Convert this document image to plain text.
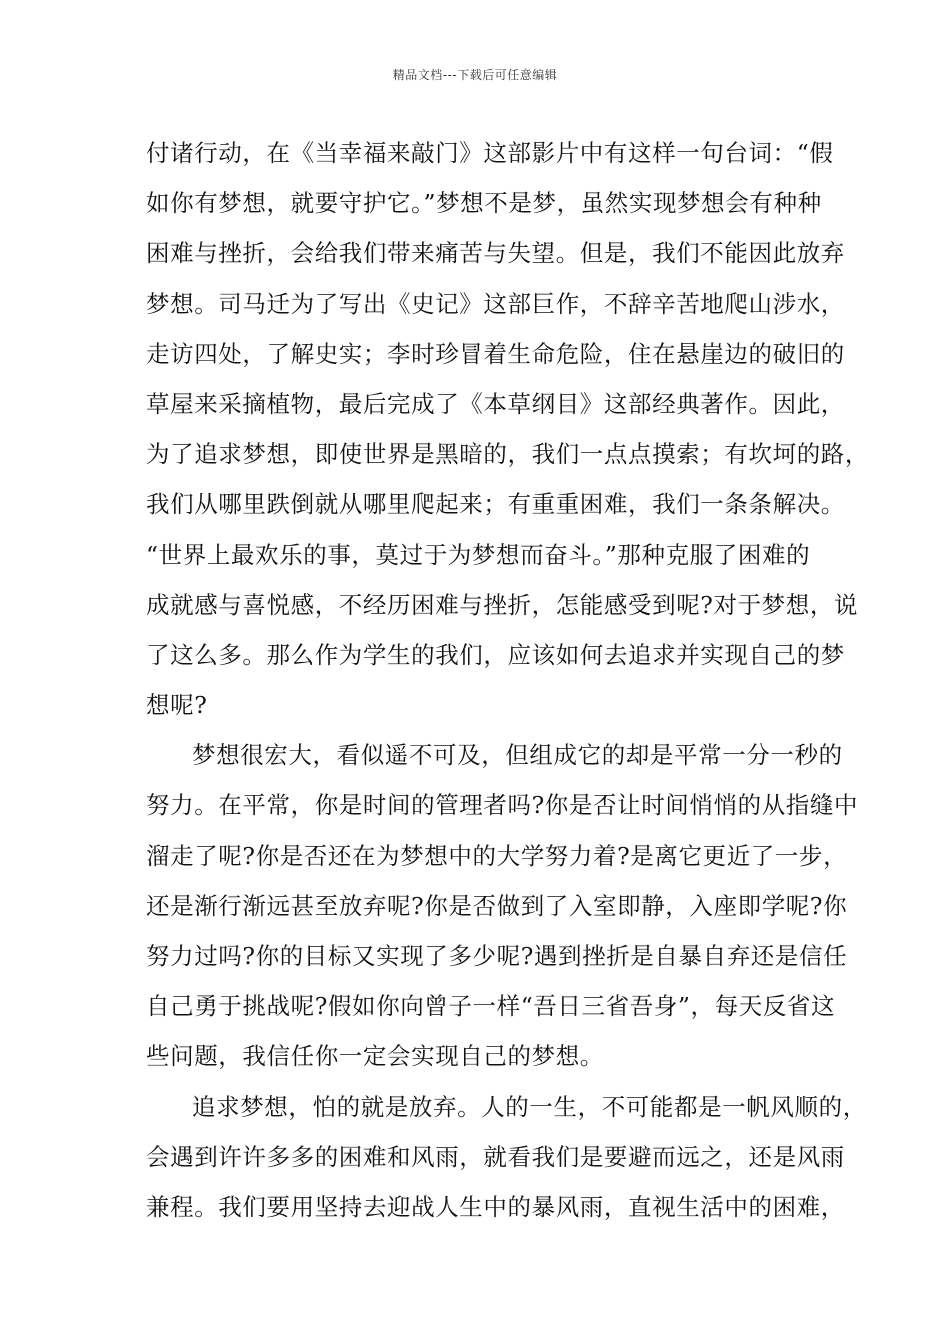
精品文档---下载后可任意编辑
付诸行动，在《当幸福来敲门》这部影片中有这样一句台词：“假
如你有梦想，就要守护它。”梦想不是梦，虽然实现梦想会有种种
困难与挫折，会给我们带来痛苦与失望。但是，我们不能因此放弃
梦想。司马迁为了写出《史记》这部巨作，不辞辛苦地爬山涉水，
走访四处，了解史实；李时珍冒着生命危险，住在悬崖边的破旧的
草屋来采摘植物，最后完成了《本草纲目》这部经典著作。因此，
为了追求梦想，即使世界是黑暗的，我们一点点摸索；有坎坷的路，
我们从哪里跌倒就从哪里爬起来；有重重困难，我们一条条解决。
“世界上最欢乐的事，莫过于为梦想而奋斗。”那种克服了困难的
成就感与喜悦感，不经历困难与挫折，怎能感受到呢?对于梦想，说
了这么多。那么作为学生的我们，应该如何去追求并实现自己的梦
想呢?
梦想很宏大，看似遥不可及，但组成它的却是平常一分一秒的
努力。在平常，你是时间的管理者吗?你是否让时间悄悄的从指缝中
溜走了呢?你是否还在为梦想中的大学努力着?是离它更近了一步，
还是渐行渐远甚至放弃呢?你是否做到了入室即静，入座即学呢?你
努力过吗?你的目标又实现了多少呢?遇到挫折是自暴自弃还是信任
自己勇于挑战呢?假如你向曾子一样“吾日三省吾身”，每天反省这
些问题，我信任你一定会实现自己的梦想。
追求梦想，怕的就是放弃。人的一生，不可能都是一帆风顺的，
会遇到许许多多的困难和风雨，就看我们是要避而远之，还是风雨
兼程。我们要用坚持去迎战人生中的暴风雨，直视生活中的困难，
